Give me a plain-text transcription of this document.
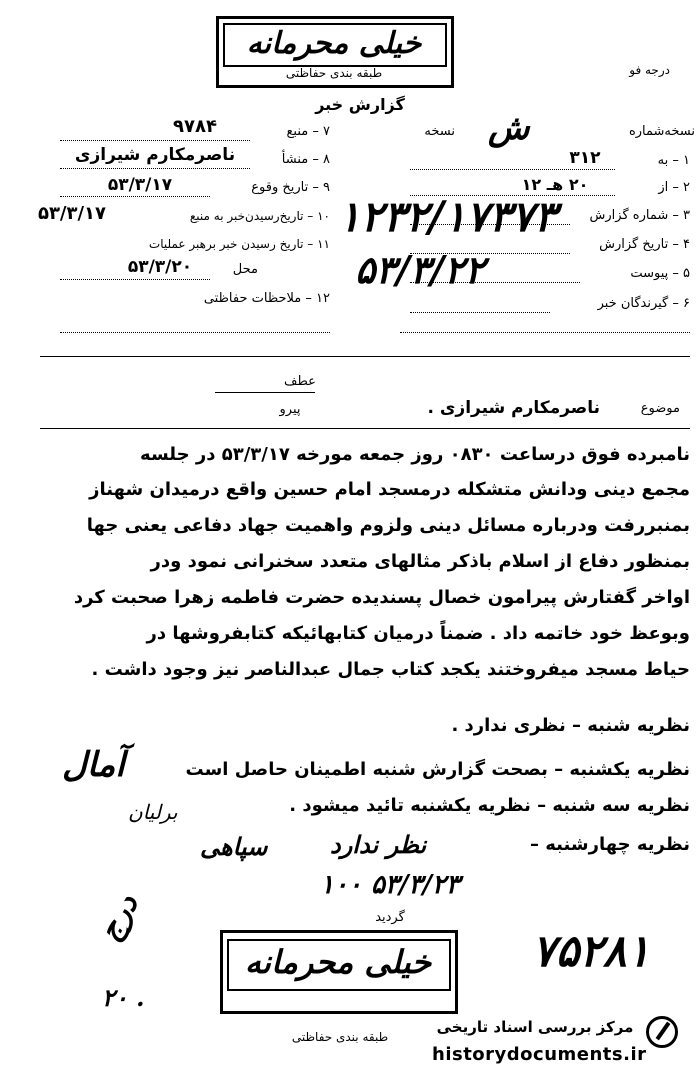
خیلی محرمانه
طبقه بندی حفاظتی	درجه فو
گزارش خبر
نسخه‌شماره
نسخه ش
۱ – به
۳۱۲
۲ – از
۲۰ هـ ۱۲
۳ – شماره گزارش
۴ – تاریخ گزارش
۵ – پیوست
۶ – گیرندگان خبر
۷ – منبع
۹۷۸۴
۸ – منشأ
ناصرمکارم شیرازی
۹ – تاریخ وقوع
۵۳/۳/۱۷
۱۰ – تاریخ‌رسیدن‌خبر به منبع
۵۳/۳/۱۷
۱۱ – تاریخ رسیدن خبر برهبر عملیات
محل
۵۳/۳/۲۰
۱۲ – ملاحظات حفاظتی
۱۲۳۲/۱۷۳۷۳
۵۳/۳/۲۲
عطف
پیرو	موضوع
ناصرمکارم شیرازی .
نامبرده فوق درساعت ۰۸۳۰ روز جمعه مورخه ۵۳/۳/۱۷ در جلسه
مجمع دینی ودانش متشکله درمسجد امام حسین واقع درمیدان شهناز
بمنبررفت ودرباره مسائل دینی ولزوم واهمیت جهاد دفاعی یعنی جها
بمنظور دفاع از اسلام باذکر مثالهای متعدد سخنرانی نمود ودر
اواخر گفتارش پیرامون خصال پسندیده حضرت فاطمه زهرا صحبت کرد
وبوعظ خود خاتمه داد . ضمناً درمیان کتابهائیکه کتابفروشها در
حیاط مسجد میفروختند یکجد کتاب جمال عبدالناصر نیز وجود داشت .
نظریه شنبه – نظری ندارد .
نظریه یکشنبه – بصحت گزارش شنبه اطمینان حاصل است
آمال
نظریه سه شنبه – نظریه یکشنبه تائید میشود .
برلیان
نظریه چهارشنبه –
نظر ندارد
سپاهی
۱۰۰ ۵۳/۳/۲۳
گردید
درج
۲۰ .
۷۵۲۸۱
خیلی محرمانه
طبقه بندی حفاظتی
مرکز بررسی اسناد تاریخی
historydocuments.ir
